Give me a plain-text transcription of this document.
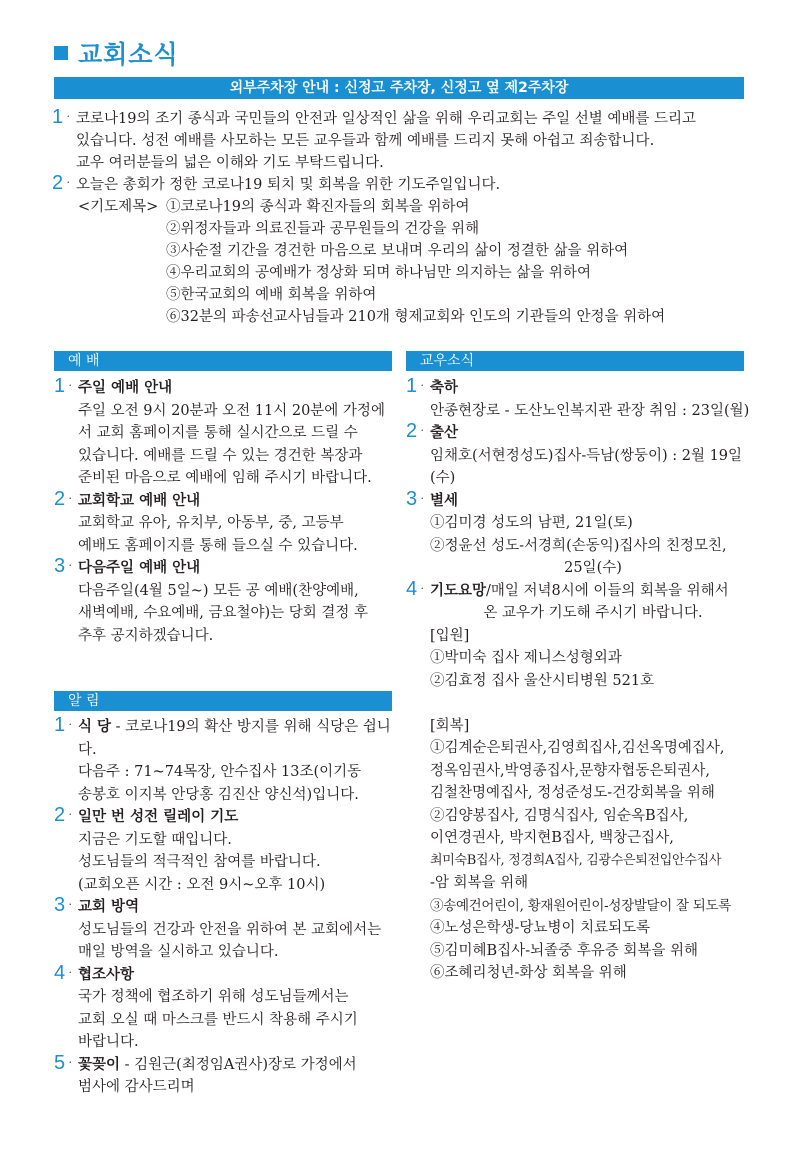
교회소식
외부주차장 안내 : 신정고 주차장, 신정고 옆 제2주차장
1 · 코로나19의 조기 종식과 국민들의 안전과 일상적인 삶을 위해 우리교회는 주일 선별 예배를 드리고
있습니다. 성전 예배를 사모하는 모든 교우들과 함께 예배를 드리지 못해 아쉽고 죄송합니다.
교우 여러분들의 넓은 이해와 기도 부탁드립니다.
2 · 오늘은 총회가 정한 코로나19 퇴치 및 회복을 위한 기도주일입니다.
<기도제목> ①코로나19의 종식과 확진자들의 회복을 위하여
②위정자들과 의료진들과 공무원들의 건강을 위해
③사순절 기간을 경건한 마음으로 보내며 우리의 삶이 정결한 삶을 위하여
④우리교회의 공예배가 정상화 되며 하나님만 의지하는 삶을 위하여
⑤한국교회의 예배 회복을 위하여
⑥32분의 파송선교사님들과 210개 형제교회와 인도의 기관들의 안정을 위하여
예 배	교우소식
알 림
1 · 주일 예배 안내
주일 오전 9시 20분과 오전 11시 20분에 가정에
서 교회 홈페이지를 통해 실시간으로 드릴 수
있습니다. 예배를 드릴 수 있는 경건한 복장과
준비된 마음으로 예배에 임해 주시기 바랍니다.
2 · 교회학교 예배 안내
교회학교 유아, 유치부, 아동부, 중, 고등부
예배도 홈페이지를 통해 들으실 수 있습니다.
3 · 다음주일 예배 안내
다음주일(4월 5일~) 모든 공 예배(찬양예배,
새벽예배, 수요예배, 금요철야)는 당회 결정 후
추후 공지하겠습니다.
1 · 식 당 - 코로나19의 확산 방지를 위해 식당은 쉽니다.
다음주 : 71~74목장, 안수집사 13조(이기동
송봉호 이지복 안당홍 김진산 양신석)입니다.
2 · 일만 번 성전 릴레이 기도
지금은 기도할 때입니다.
성도님들의 적극적인 참여를 바랍니다.
(교회오픈 시간 : 오전 9시~오후 10시)
3 · 교회 방역
성도님들의 건강과 안전을 위하여 본 교회에서는
매일 방역을 실시하고 있습니다.
4 · 협조사항
국가 정책에 협조하기 위해 성도님들께서는
교회 오실 때 마스크를 반드시 착용해 주시기
바랍니다.
5 · 꽃꽂이 - 김원근(최정임A권사)장로 가정에서
범사에 감사드리며
1 · 축하
안종현장로 - 도산노인복지관 관장 취임 : 23일(월)
2 · 출산
임채호(서현정성도)집사-득남(쌍둥이) : 2월 19일(수)
3 · 별세
①김미경 성도의 남편, 21일(토)
②정윤선 성도-서경희(손동익)집사의 친정모친,
25일(수)
4 · 기도요망/매일 저녁8시에 이들의 회복을 위해서
온 교우가 기도해 주시기 바랍니다.
[입원]
①박미숙 집사 제니스성형외과
②김효정 집사 울산시티병원 521호
[회복]
①김계순은퇴권사,김영희집사,김선옥명예집사,
정옥임권사,박영종집사,문향자협동은퇴권사,
김철찬명예집사, 정성준성도-건강회복을 위해
②김양봉집사, 김명식집사, 임순옥B집사,
이연경권사, 박지현B집사, 백창근집사,
최미숙B집사, 정경희A집사, 김광수은퇴전입안수집사
-암 회복을 위해
③송예건어린이, 황재원어린이-성장발달이 잘 되도록
④노성은학생-당뇨병이 치료되도록
⑤김미혜B집사-뇌졸중 후유증 회복을 위해
⑥조혜리청년-화상 회복을 위해
